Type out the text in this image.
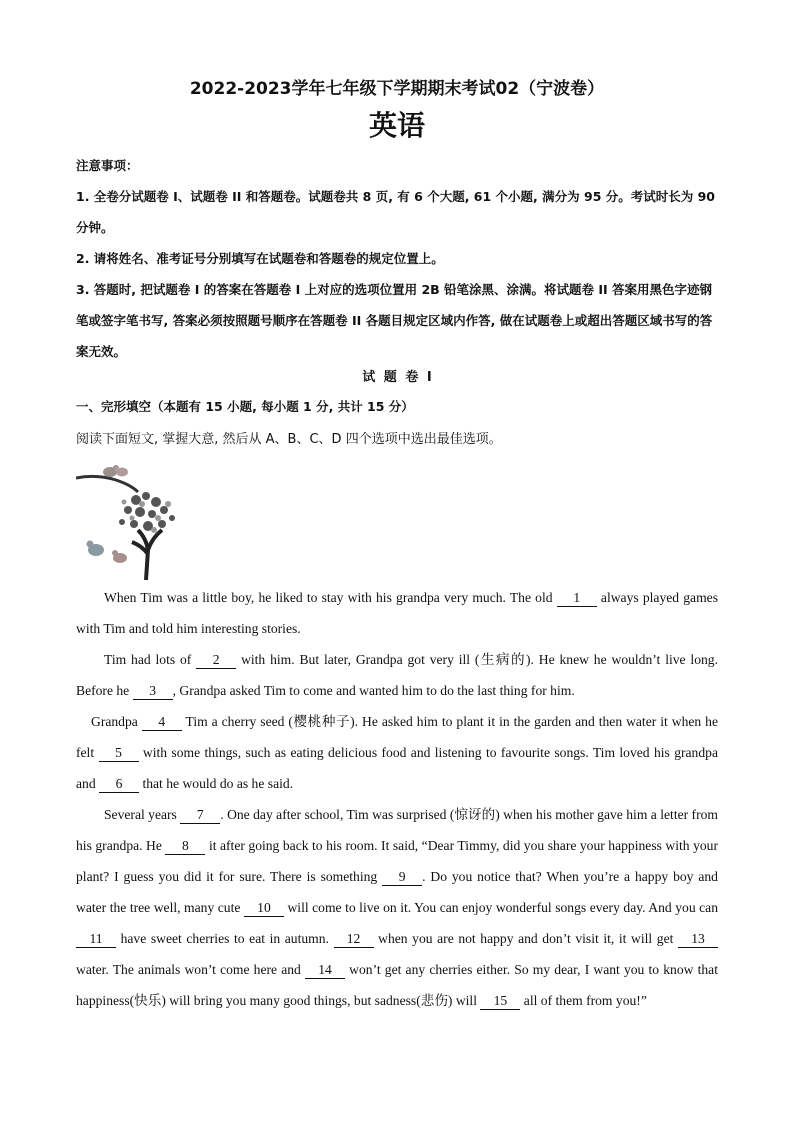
2022-2023学年七年级下学期期末考试02（宁波卷）
英语

注意事项：

1. 全卷分试题卷 I、试题卷 II 和答题卷。试题卷共 8 页, 有 6 个大题, 61 个小题, 满分为 95 分。考试时长为 90 分钟。

2. 请将姓名、准考证号分别填写在试题卷和答题卷的规定位置上。

3. 答题时, 把试题卷 I 的答案在答题卷 I 上对应的选项位置用 2B 铅笔涂黑、涂满。将试题卷 II 答案用黑色字迹钢笔或签字笔书写, 答案必须按照题号顺序在答题卷 II 各题目规定区域内作答, 做在试题卷上或超出答题区域书写的答案无效。

试 题 卷 I
一、完形填空（本题有 15 小题, 每小题 1 分, 共计 15 分）
阅读下面短文, 掌握大意, 然后从 A、B、C、D 四个选项中选出最佳选项。

When Tim was a little boy, he liked to stay with his grandpa very much. The old 1 always played games with Tim and told him interesting stories.

Tim had lots of 2 with him. But later, Grandpa got very ill (生病的). He knew he wouldn’t live long. Before he 3 , Grandpa asked Tim to come and wanted him to do the last thing for him.

Grandpa 4 Tim a cherry seed (樱桃种子). He asked him to plant it in the garden and then water it when he felt 5 with some things, such as eating delicious food and listening to favourite songs. Tim loved his grandpa and 6 that he would do as he said.

Several years 7 . One day after school, Tim was surprised (惊讶的) when his mother gave him a letter from his grandpa. He 8 it after going back to his room. It said, “Dear Timmy, did you share your happiness with your plant? I guess you did it for sure. There is something 9 . Do you notice that? When you’re a happy boy and water the tree well, many cute 10 will come to live on it. You can enjoy wonderful songs every day. And you can 11 have sweet cherries to eat in autumn. 12 when you are not happy and don’t visit it, it will get 13 water. The animals won’t come here and 14 won’t get any cherries either. So my dear, I want you to know that happiness(快乐) will bring you many good things, but sadness(悲伤) will 15 all of them from you!”
